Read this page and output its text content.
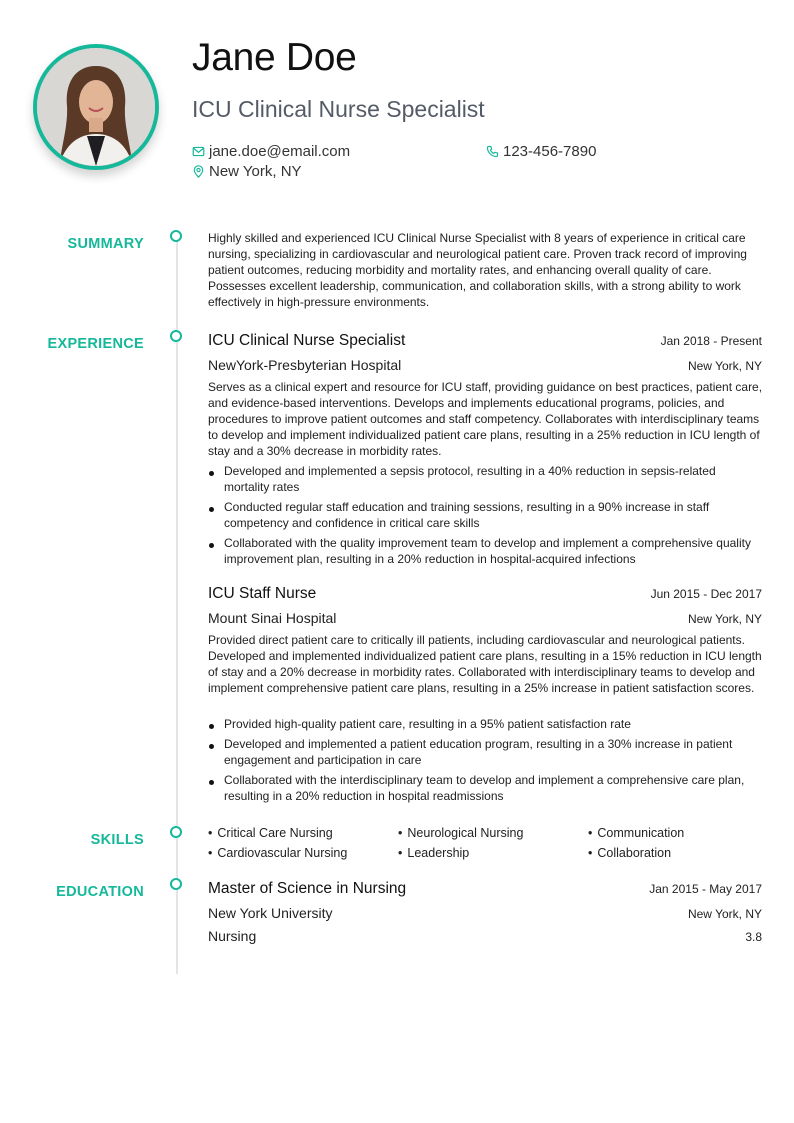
Jane Doe
ICU Clinical Nurse Specialist
jane.doe@email.com	123-456-7890
New York, NY
SUMMARY	Highly skilled and experienced ICU Clinical Nurse Specialist with 8 years of experience in critical care nursing, specializing in cardiovascular and neurological patient care. Proven track record of improving patient outcomes, reducing morbidity and mortality rates, and enhancing overall quality of care. Possesses excellent leadership, communication, and collaboration skills, with a strong ability to work effectively in high-pressure environments.
EXPERIENCE	ICU Clinical Nurse Specialist	Jan 2018 - Present
NewYork-Presbyterian Hospital	New York, NY
Serves as a clinical expert and resource for ICU staff, providing guidance on best practices, patient care, and evidence-based interventions. Develops and implements educational programs, policies, and procedures to improve patient outcomes and staff competency. Collaborates with interdisciplinary teams to develop and implement individualized patient care plans, resulting in a 25% reduction in ICU length of stay and a 30% decrease in morbidity rates.
Developed and implemented a sepsis protocol, resulting in a 40% reduction in sepsis-related mortality rates
Conducted regular staff education and training sessions, resulting in a 90% increase in staff competency and confidence in critical care skills
Collaborated with the quality improvement team to develop and implement a comprehensive quality improvement plan, resulting in a 20% reduction in hospital-acquired infections
ICU Staff Nurse	Jun 2015 - Dec 2017
Mount Sinai Hospital	New York, NY
Provided direct patient care to critically ill patients, including cardiovascular and neurological patients. Developed and implemented individualized patient care plans, resulting in a 15% reduction in ICU length of stay and a 20% decrease in morbidity rates. Collaborated with interdisciplinary teams to develop and implement comprehensive patient care plans, resulting in a 25% increase in patient satisfaction scores.
Provided high-quality patient care, resulting in a 95% patient satisfaction rate
Developed and implemented a patient education program, resulting in a 30% increase in patient engagement and participation in care
Collaborated with the interdisciplinary team to develop and implement a comprehensive care plan, resulting in a 20% reduction in hospital readmissions
SKILLS	• Critical Care Nursing	• Neurological Nursing	• Communication
• Cardiovascular Nursing	• Leadership	• Collaboration
EDUCATION	Master of Science in Nursing	Jan 2015 - May 2017
New York University	New York, NY
Nursing	3.8
